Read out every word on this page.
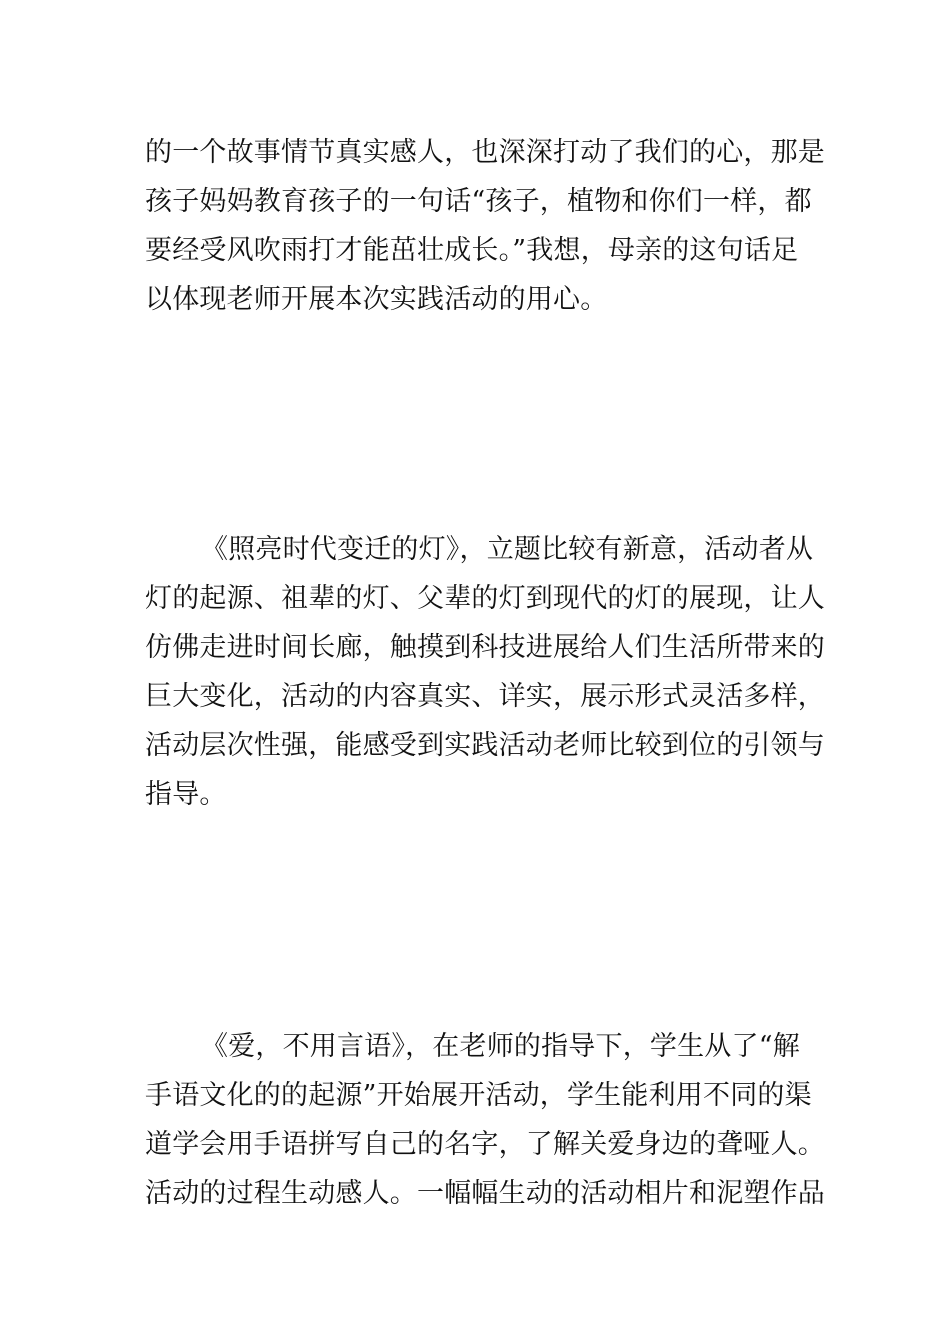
的一个故事情节真实感人，也深深打动了我们的心，那是
孩子妈妈教育孩子的一句话“孩子，植物和你们一样，都
要经受风吹雨打才能茁壮成长。”我想，母亲的这句话足
以体现老师开展本次实践活动的用心。
《照亮时代变迁的灯》，立题比较有新意，活动者从
灯的起源、祖辈的灯、父辈的灯到现代的灯的展现，让人
仿佛走进时间长廊，触摸到科技进展给人们生活所带来的
巨大变化，活动的内容真实、详实，展示形式灵活多样，
活动层次性强，能感受到实践活动老师比较到位的引领与
指导。
《爱，不用言语》，在老师的指导下，学生从了“解
手语文化的的起源”开始展开活动，学生能利用不同的渠
道学会用手语拼写自己的名字，了解关爱身边的聋哑人。
活动的过程生动感人。一幅幅生动的活动相片和泥塑作品
